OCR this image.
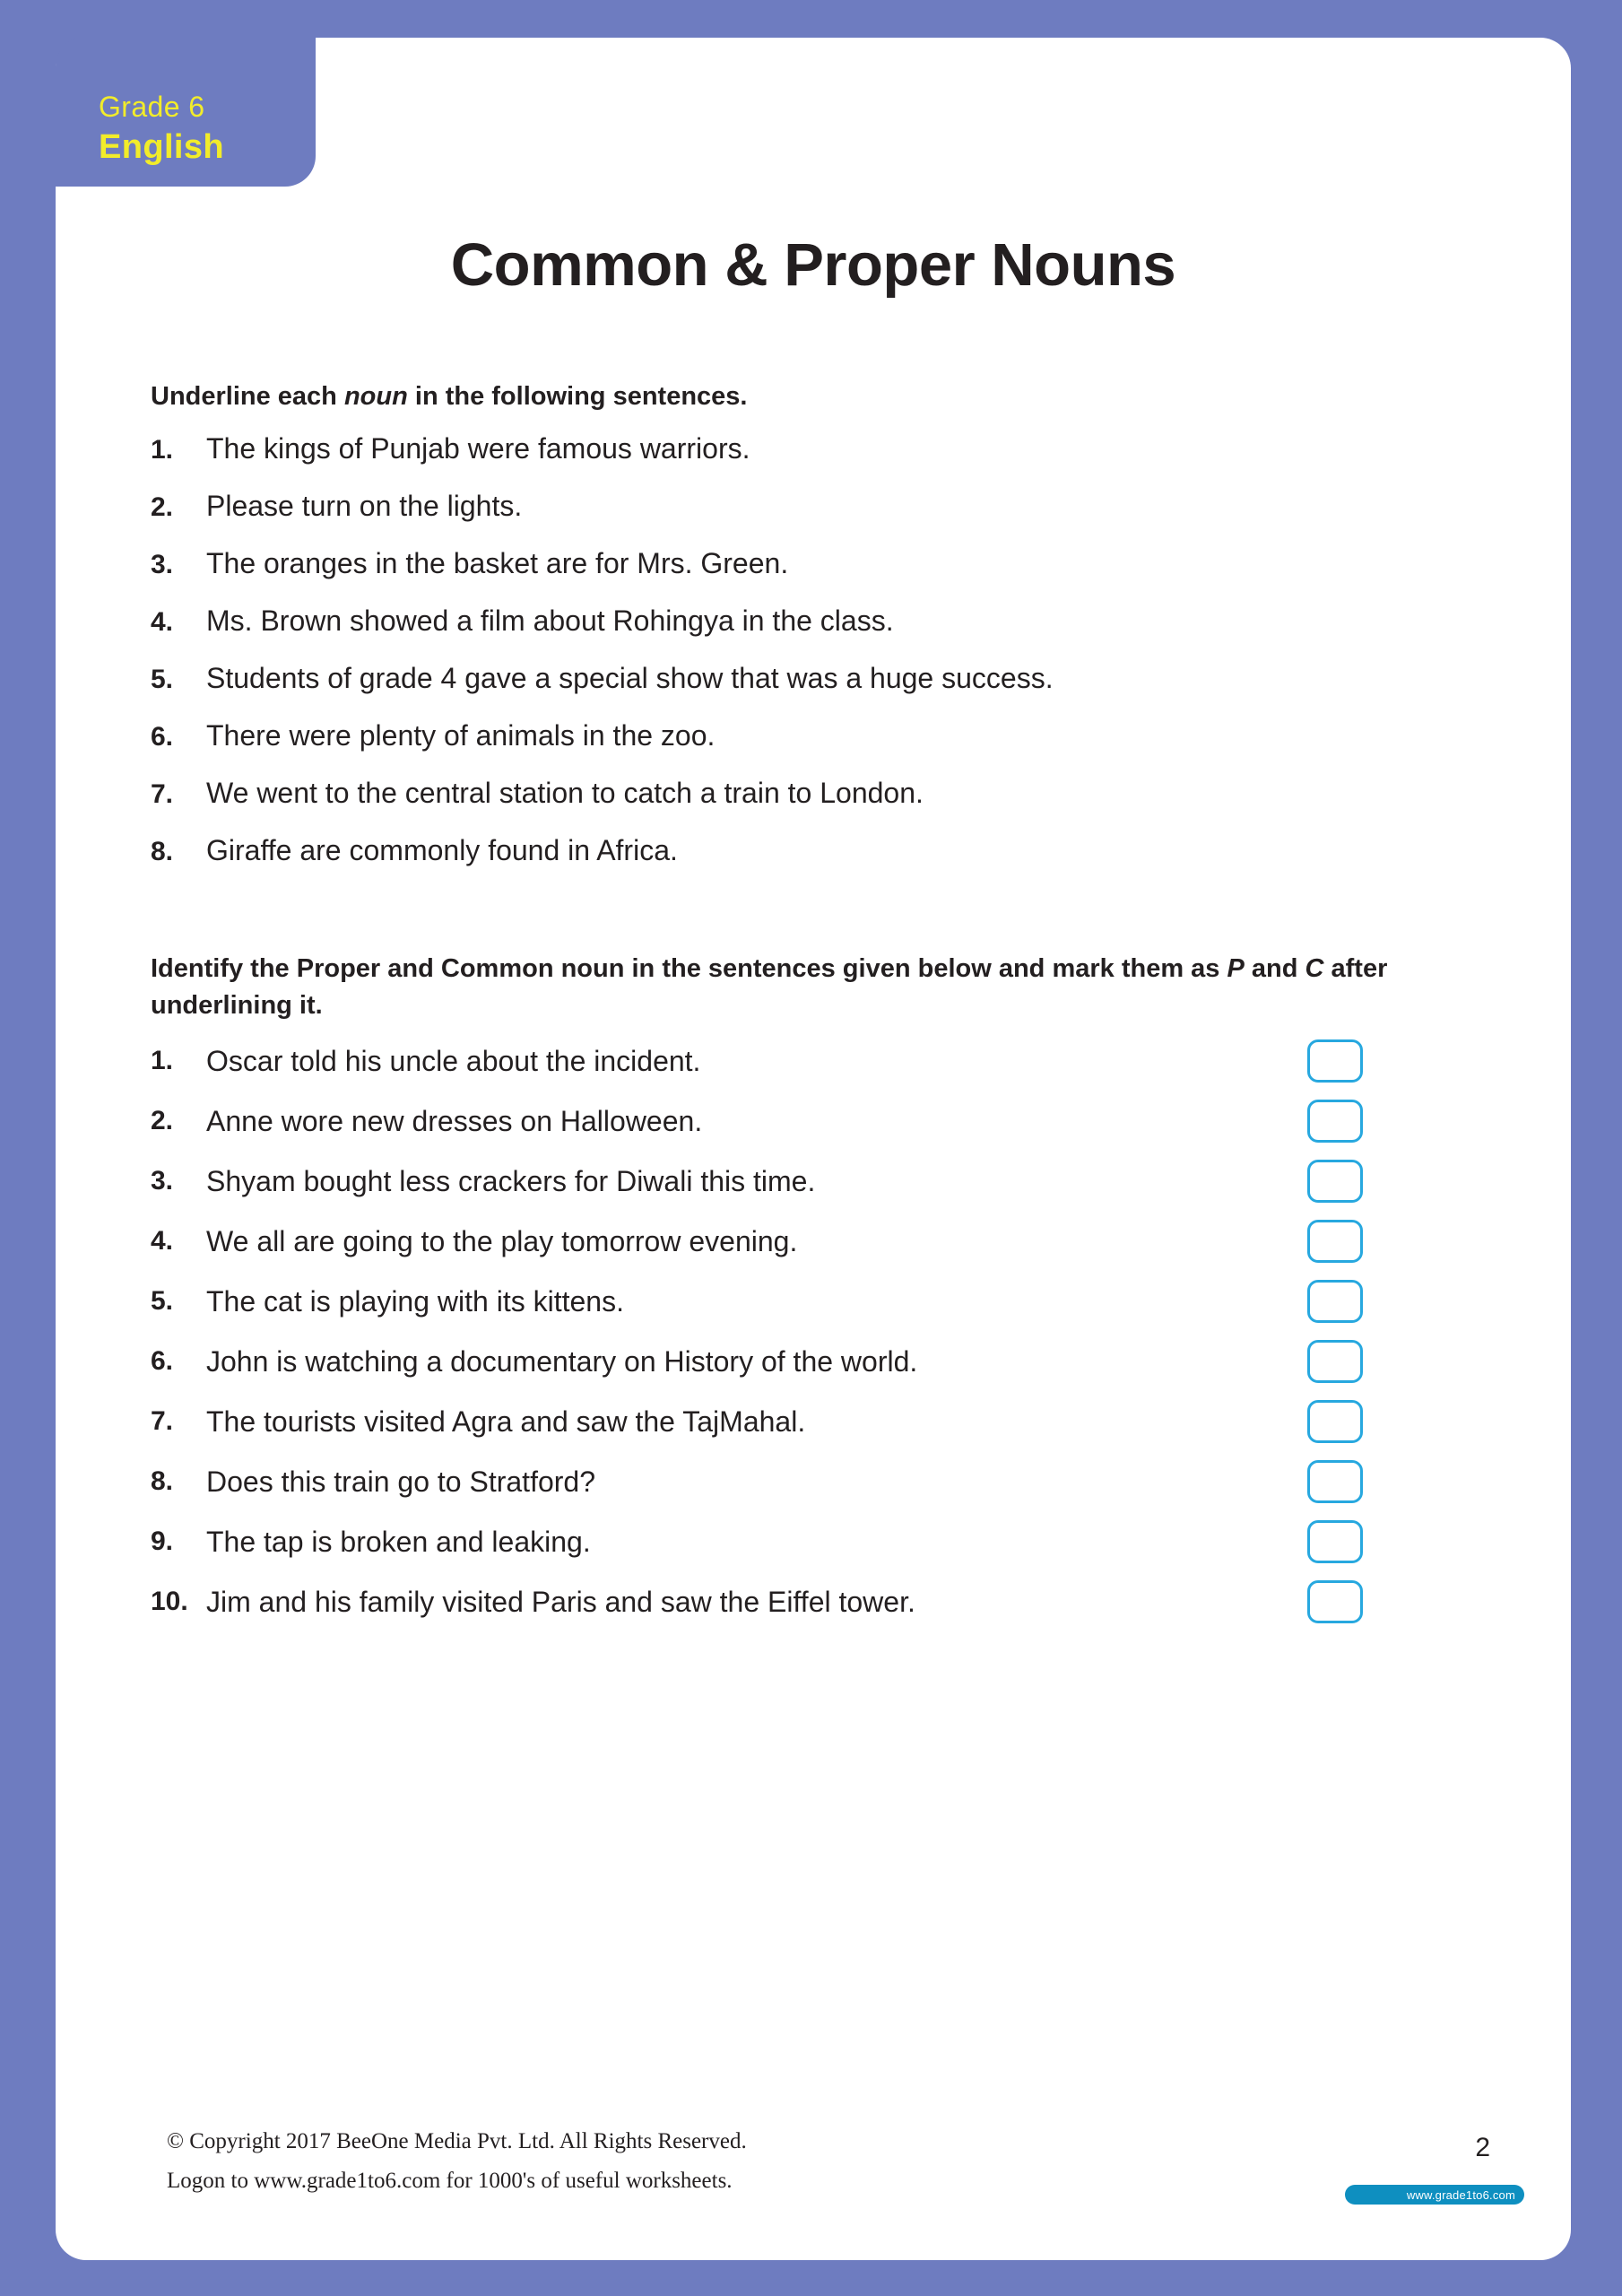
Grade 6
English
Common & Proper Nouns
Underline each noun in the following sentences.
1.	The kings of Punjab were famous warriors.
2.	Please turn on the lights.
3.	The oranges in the basket are for Mrs. Green.
4.	Ms. Brown showed a film about Rohingya in the class.
5.	Students of grade 4 gave a special show that was a huge success.
6.	There were plenty of animals in the zoo.
7.	We went to the central station to catch a train to London.
8.	Giraffe are commonly found in Africa.
Identify the Proper and Common noun in the sentences given below and mark them as P and C after underlining it.
1.	Oscar told his uncle about the incident.
2.	Anne wore new dresses on Halloween.
3.	Shyam bought less crackers for Diwali this time.
4.	We all are going to the play tomorrow evening.
5.	The cat is playing with its kittens.
6.	John is watching a documentary on History of the world.
7.	The tourists visited Agra and saw the TajMahal.
8.	Does this train go to Stratford?
9.	The tap is broken and leaking.
10. Jim and his family visited Paris and saw the Eiffel tower.
© Copyright 2017 BeeOne Media Pvt. Ltd. All Rights Reserved.
Logon to www.grade1to6.com for 1000's of useful worksheets.
2
www.grade1to6.com
